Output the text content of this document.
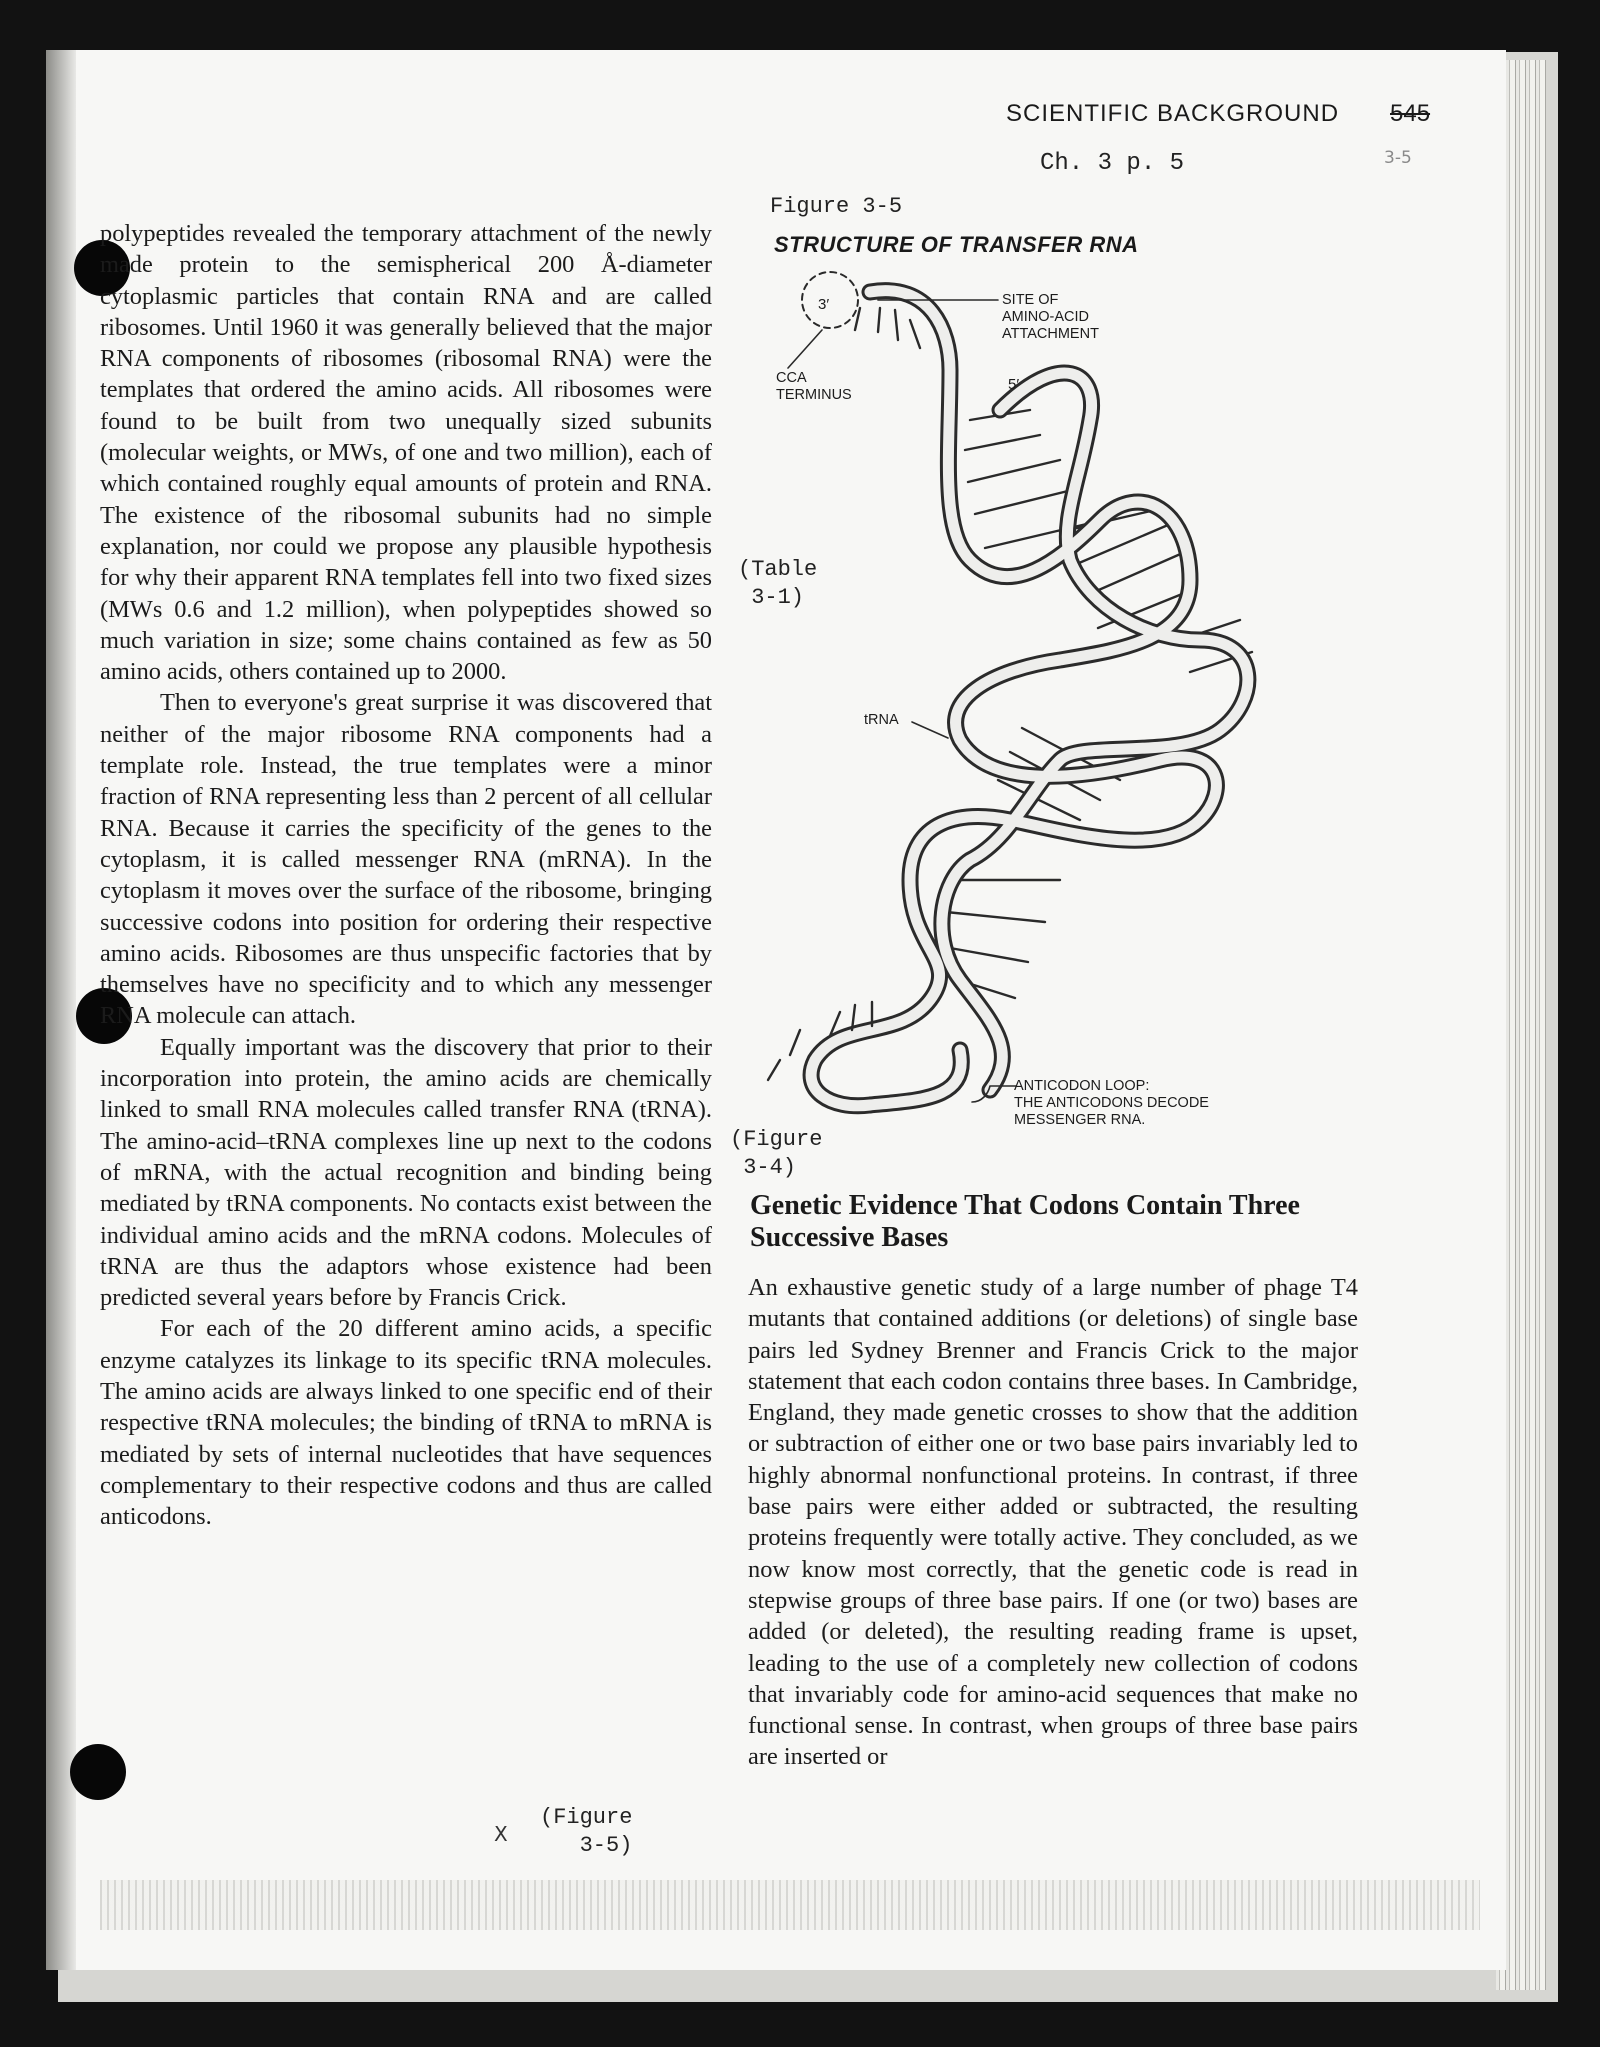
SCIENTIFIC BACKGROUND 545
Ch. 3 p. 5	3-5
Figure 3-5
STRUCTURE OF TRANSFER RNA

polypeptides revealed the temporary attachment of the newly made protein to the semispherical 200 Å-diameter cytoplasmic particles that contain RNA and are called ribosomes. Until 1960 it was generally believed that the major RNA components of ribosomes (ribosomal RNA) were the templates that ordered the amino acids. All ribosomes were found to be built from two unequally sized subunits (molecular weights, or MWs, of one and two million), each of which contained roughly equal amounts of protein and RNA. The existence of the ribosomal subunits had no simple explanation, nor could we propose any plausible hypothesis for why their apparent RNA templates fell into two fixed sizes (MWs 0.6 and 1.2 million), when polypeptides showed so much variation in size; some chains contained as few as 50 amino acids, others contained up to 2000.

Then to everyone's great surprise it was discovered that neither of the major ribosome RNA components had a template role. Instead, the true templates were a minor fraction of RNA representing less than 2 percent of all cellular RNA. Because it carries the specificity of the genes to the cytoplasm, it is called messenger RNA (mRNA). In the cytoplasm it moves over the surface of the ribosome, bringing successive codons into position for ordering their respective amino acids. Ribosomes are thus unspecific factories that by themselves have no specificity and to which any messenger RNA molecule can attach.

Equally important was the discovery that prior to their incorporation into protein, the amino acids are chemically linked to small RNA molecules called transfer RNA (tRNA). The amino-acid–tRNA complexes line up next to the codons of mRNA, with the actual recognition and binding being mediated by tRNA components. No contacts exist between the individual amino acids and the mRNA codons. Molecules of tRNA are thus the adaptors whose existence had been predicted several years before by Francis Crick.

For each of the 20 different amino acids, a specific enzyme catalyzes its linkage to its specific tRNA molecules. The amino acids are always linked to one specific end of their respective tRNA molecules; the binding of tRNA to mRNA is mediated by sets of internal nucleotides that have sequences complementary to their respective codons and thus are called anticodons.

(Table
3-1)
(Figure
3-4)
(Figure
3-5)
X
3′
5′
SITE OF
AMINO-ACID
ATTACHMENT
CCA
TERMINUS
tRNA
ANTICODON LOOP:
THE ANTICODONS DECODE
MESSENGER RNA.
Genetic Evidence That Codons Contain Three Successive Bases

An exhaustive genetic study of a large number of phage T4 mutants that contained additions (or deletions) of single base pairs led Sydney Brenner and Francis Crick to the major statement that each codon contains three bases. In Cambridge, England, they made genetic crosses to show that the addition or subtraction of either one or two base pairs invariably led to highly abnormal nonfunctional proteins. In contrast, if three base pairs were either added or subtracted, the resulting proteins frequently were totally active. They concluded, as we now know most correctly, that the genetic code is read in stepwise groups of three base pairs. If one (or two) bases are added (or deleted), the resulting reading frame is upset, leading to the use of a completely new collection of codons that invariably code for amino-acid sequences that make no functional sense. In contrast, when groups of three base pairs are inserted or
